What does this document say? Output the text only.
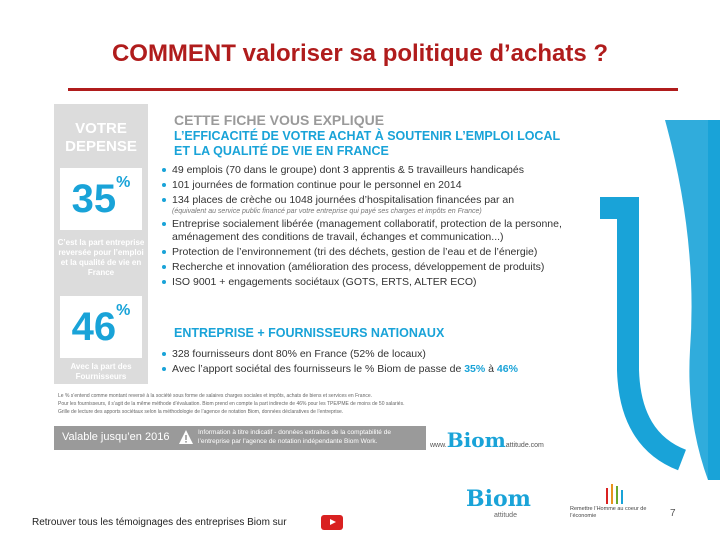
COMMENT valoriser sa politique d’achats ?
VOTRE
DEPENSE
35%
C’est la part entreprise reversée pour l’emploi et la qualité de vie en France
46%
Avec la part des Fournisseurs
CETTE FICHE VOUS EXPLIQUE
L’EFFICACITÉ DE VOTRE ACHAT À SOUTENIR L’EMPLOI LOCAL ET LA QUALITÉ DE VIE EN FRANCE
49 emplois (70 dans le groupe) dont 3 apprentis & 5 travailleurs handicapés
101 journées de formation continue pour le personnel en 2014
134 places de crèche ou 1048 journées d’hospitalisation financées par an
(équivalent au service public financé par votre entreprise qui payé ses charges et impôts en France)
Entreprise socialement libérée (management collaboratif, protection de la personne, aménagement des conditions de travail, échanges et communication...)
Protection de l’environnement (tri des déchets, gestion de l’eau et de l’énergie)
Recherche et innovation (amélioration des process, développement de produits)
ISO 9001 + engagements sociétaux (GOTS, ERTS, ALTER ECO)
ENTREPRISE + FOURNISSEURS NATIONAUX
328 fournisseurs dont 80% en France (52% de locaux)
Avec l’apport sociétal des fournisseurs le % Biom de passe de 35% à 46%

Le % s’entend comme montant reversé à la société sous forme de salaires charges sociales et impôts, achats de biens et services en France.

Pour les fournisseurs, il s’agit de la même méthode d’évaluation. Biom prend en compte la part indirecte de 46% pour les TPE/PME de moins de 50 salariés.

Grille de lecture des apports sociétaux selon la méthodologie de l’agence de notation Biom, données déclaratives de l’entreprise.

Valable jusqu’en 2016	Information à titre indicatif - données extraites de la comptabilité de l’entreprise par l’agence de notation indépendante Biom Work.
www.Biomattitude.com
Retrouver tous les témoignages des entreprises Biom sur
Biom
attitude
Remettre l’Homme au coeur de l’économie	7
